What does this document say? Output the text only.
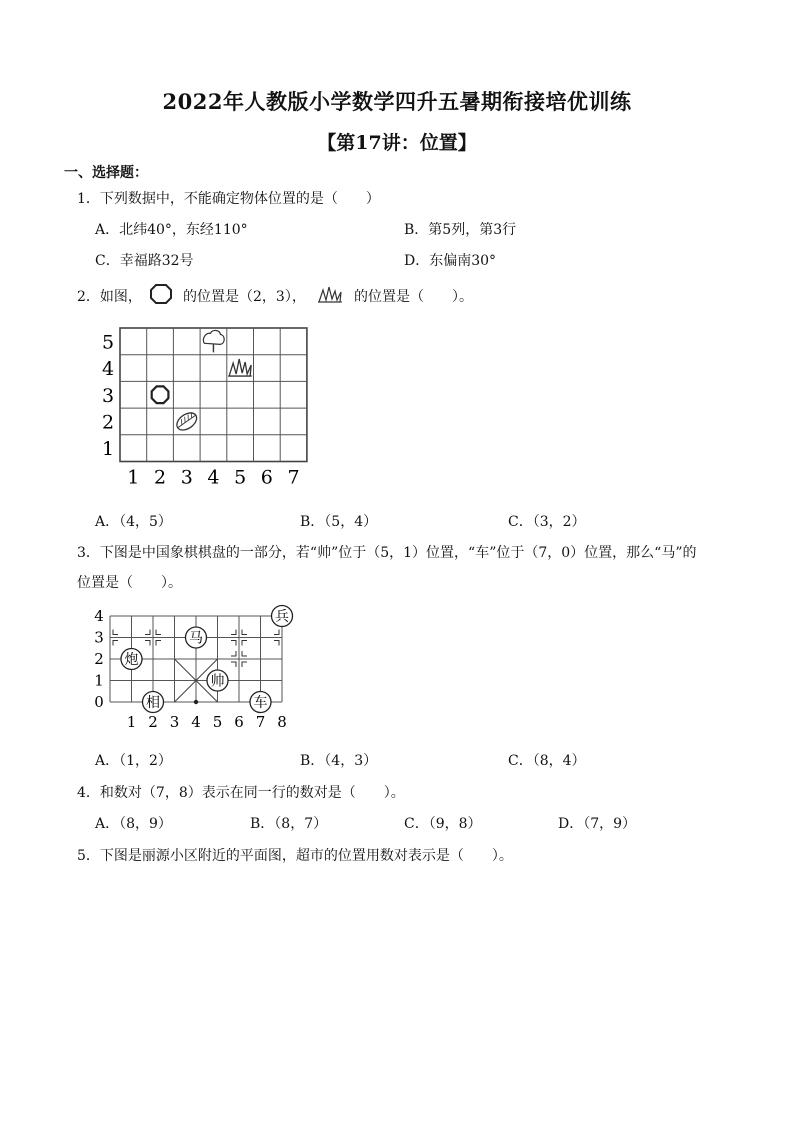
2022年人教版小学数学四升五暑期衔接培优训练
【第17讲：位置】
一、选择题：
1．下列数据中，不能确定物体位置的是（　　）
A．北纬40°，东经110°	B．第5列，第3行
C．幸福路32号	D．东偏南30°
2．如图，	的位置是（2，3），	的位置是（　　）。
1 2 3 4 5 6 7
1
2
3
4
5
A．（4，5）	B．（5，4）	C．（3，2）
3．下图是中国象棋棋盘的一部分，若“帅”位于（5，1）位置，“车”位于（7，0）位置，那么“马”的
位置是（　　）。
1 2 3 4 5 6 7 8
0
1
2
3
4	兵
马
炮
帅
相	车
A．（1，2）	B．（4，3）	C．（8，4）
4．和数对（7，8）表示在同一行的数对是（　　）。
A．（8，9）	B．（8，7）	C．（9，8）	D．（7，9）
5．下图是丽源小区附近的平面图，超市的位置用数对表示是（　　）。
